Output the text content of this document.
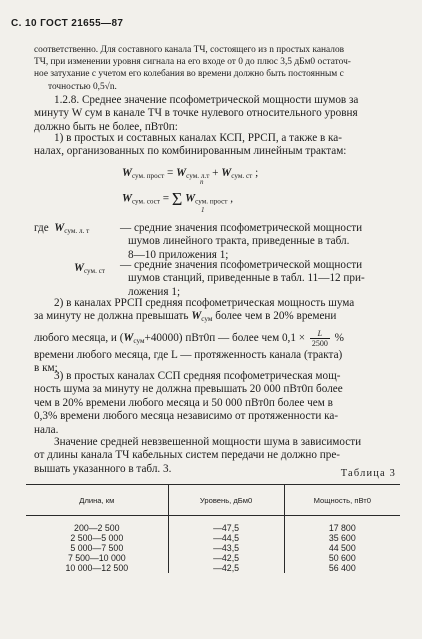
С. 10 ГОСТ 21655—87
соответственно. Для составного канала ТЧ, состоящего из n простых каналов
ТЧ, при изменении уровня сигнала на его входе от 0 до плюс 3,5 дБм0 остаточ-
ное затухание с учетом его колебания во времени должно быть постоянным с
точностью 0,5√n.
1.2.8. Среднее значение псофометрической мощности шумов за
минуту W сум в канале ТЧ в точке нулевого относительного уровня
должно быть не более, пВт0п:
1) в простых и составных каналах КСП, РРСП, а также в ка-
налах, организованных по комбинированным линейным трактам:
$W_{сум. прост} = W_{сум. л.т} + W_{сум. ст}$ ;
$W_{сум. сост} = \Sigma$ $W_{сум. прост}$ ,
n
1
где $W_{сум. л. т}$	— средние значения псофометрической мощности
шумов линейного тракта, приведенные в табл.
8—10 приложения 1;
$W_{сум. ст}$ — средние значения псофометрической мощности
шумов станций, приведенные в табл. 11—12 при-
ложения 1;
2) в каналах РРСП средняя псофометрическая мощность шума
за минуту не должна превышать $W_{сум}$ более чем в 20% времени
любого месяца, и $(W_{сум}+40000)$ пВт0п — более чем $0,1 \times \frac{L}{2500}$ %
времени любого месяца, где L — протяженность канала (тракта)
в км;
3) в простых каналах ССП средняя псофометрическая мощ-
ность шума за минуту не должна превышать 20 000 пВт0п более
чем в 20% времени любого месяца и 50 000 пВт0п более чем в
0,3% времени любого месяца независимо от протяженности ка-
нала.
Значение средней невзвешенной мощности шума в зависимости
от длины канала ТЧ кабельных систем передачи не должно пре-
вышать указанного в табл. 3.	Таблица 3
Длина, км	Уровень, дБм0	Мощность, пВт0
200—2 500	—47,5	17 800
2 500—5 000	—44,5	35 600
5 000—7 500	—43,5	44 500
7 500—10 000	—42,5	50 600
10 000—12 500	—42,5	56 400
